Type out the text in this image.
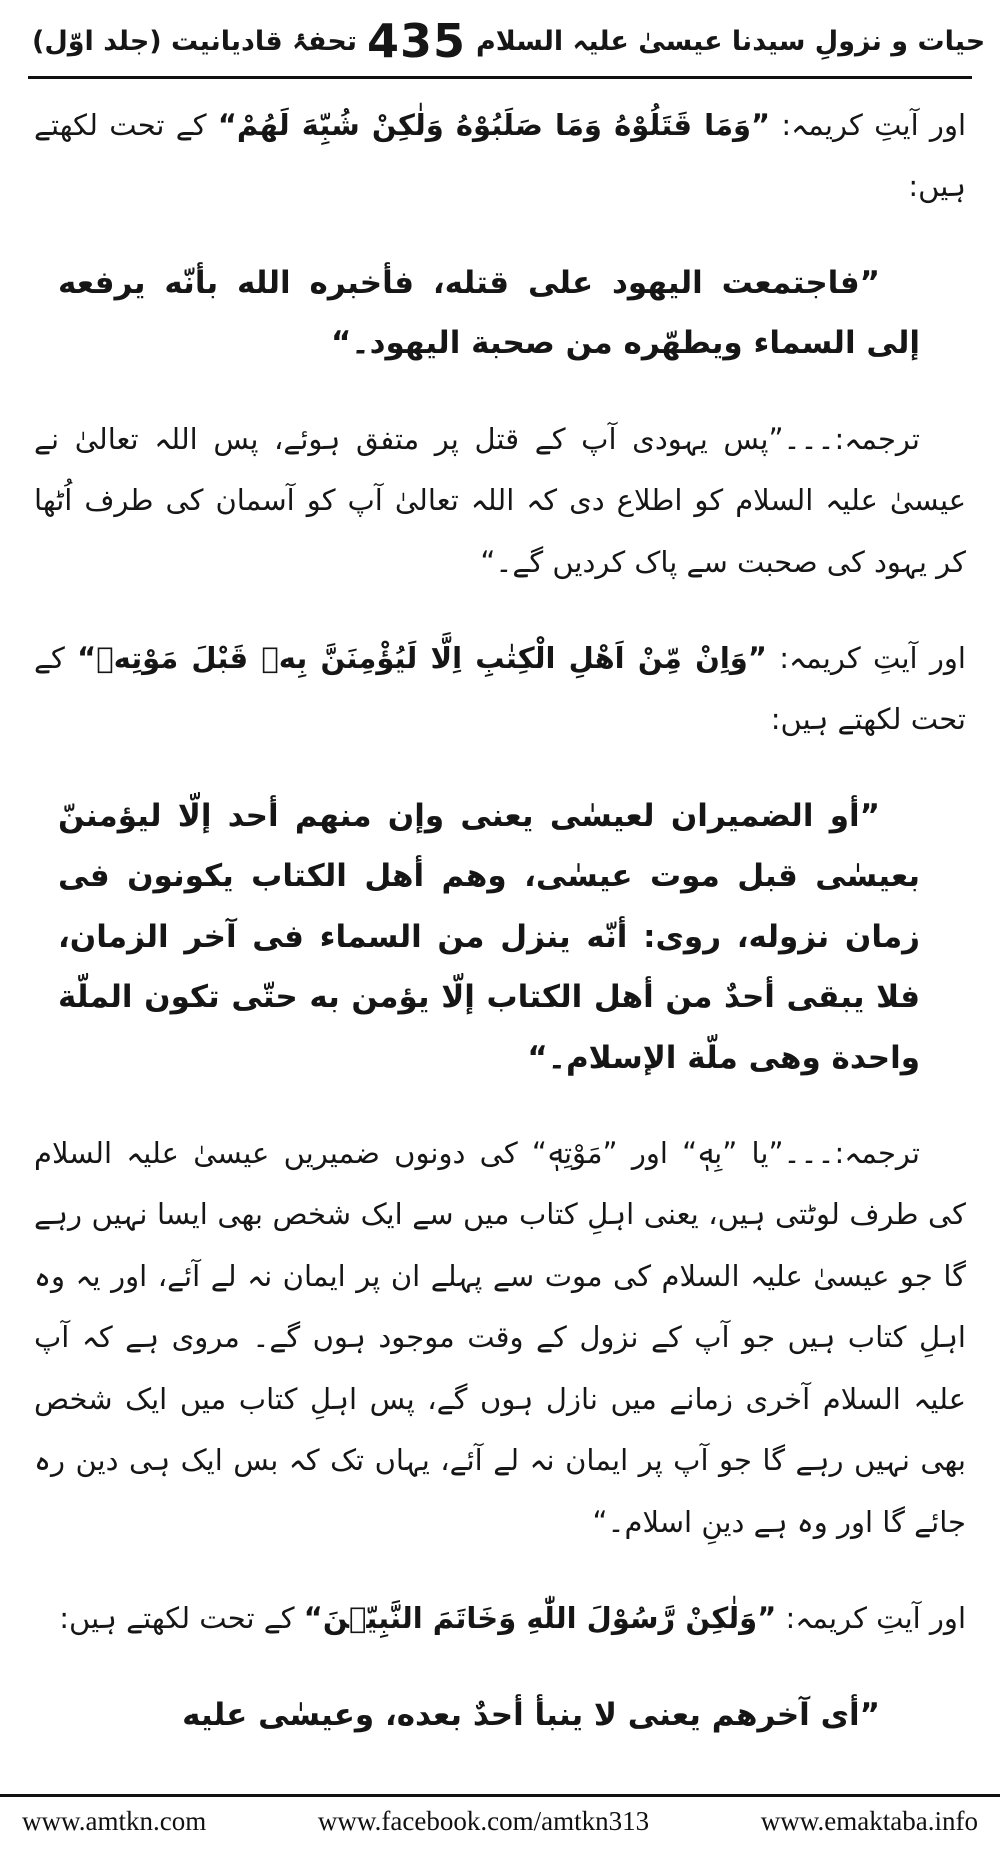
تحفۂ قادیانیت (جلد اوّل) 435 حیات و نزولِ سیدنا عیسیٰ علیہ السلام

اور آیتِ کریمہ: ”وَمَا قَتَلُوْهُ وَمَا صَلَبُوْهُ وَلٰكِنْ شُبِّهَ لَهُمْ“ کے تحت لکھتے ہیں:

”فاجتمعت اليهود على قتله، فأخبره الله بأنّه يرفعه إلى السماء ويطهّره من صحبة اليهود۔“

ترجمہ:۔۔۔”پس یہودی آپ کے قتل پر متفق ہوئے، پس اللہ تعالیٰ نے عیسیٰ علیہ السلام کو اطلاع دی کہ اللہ تعالیٰ آپ کو آسمان کی طرف اُٹھا کر یہود کی صحبت سے پاک کردیں گے۔“

اور آیتِ کریمہ: ”وَاِنْ مِّنْ اَهْلِ الْكِتٰبِ اِلَّا لَيُؤْمِنَنَّ بِهٖ قَبْلَ مَوْتِهٖ“ کے تحت لکھتے ہیں:

”أو الضميران لعيسٰى يعنى وإن منهم أحد إلّا ليؤمننّ بعيسٰى قبل موت عيسٰى، وهم أهل الكتاب يكونون فى زمان نزوله، روى: أنّه ينزل من السماء فى آخر الزمان، فلا يبقى أحدٌ من أهل الكتاب إلّا يؤمن به حتّى تكون الملّة واحدة وهى ملّة الإسلام۔“

ترجمہ:۔۔۔”یا ”بِهٖ“ اور ”مَوْتِهٖ“ کی دونوں ضمیریں عیسیٰ علیہ السلام کی طرف لوٹتی ہیں، یعنی اہلِ کتاب میں سے ایک شخص بھی ایسا نہیں رہے گا جو عیسیٰ علیہ السلام کی موت سے پہلے ان پر ایمان نہ لے آئے، اور یہ وہ اہلِ کتاب ہیں جو آپ کے نزول کے وقت موجود ہوں گے۔ مروی ہے کہ آپ علیہ السلام آخری زمانے میں نازل ہوں گے، پس اہلِ کتاب میں ایک شخص بھی نہیں رہے گا جو آپ پر ایمان نہ لے آئے، یہاں تک کہ بس ایک ہی دین رہ جائے گا اور وہ ہے دینِ اسلام۔“

اور آیتِ کریمہ: ”وَلٰكِنْ رَّسُوْلَ اللّٰهِ وَخَاتَمَ النَّبِيّٖنَ“ کے تحت لکھتے ہیں:

”أى آخرهم يعنى لا ينبأ أحدٌ بعده، وعيسٰى عليه

www.amtkn.com	www.facebook.com/amtkn313	www.emaktaba.info
